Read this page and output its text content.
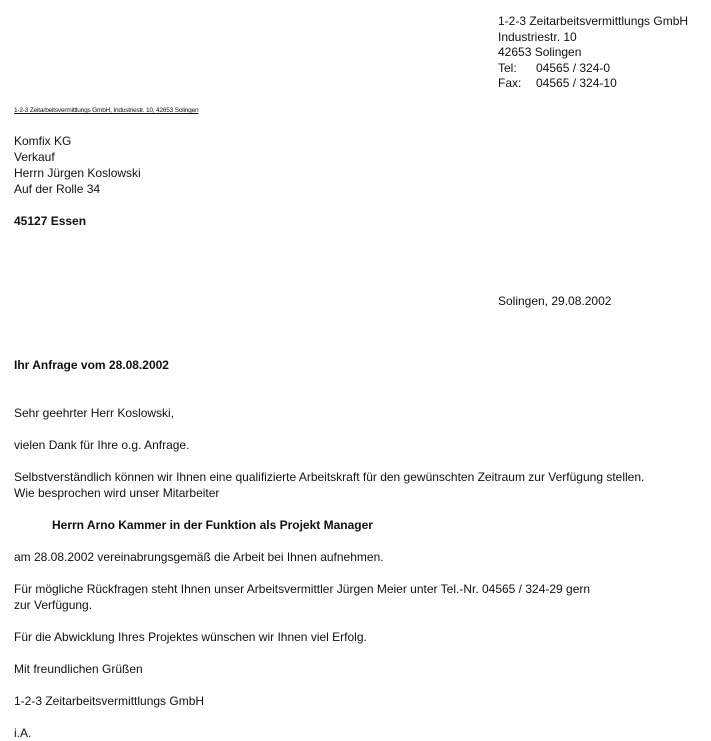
1-2-3 Zeitarbeitsvermittlungs GmbH
Industriestr. 10
42653 Solingen
Tel: 04565 / 324-0
Fax: 04565 / 324-10
1-2-3 Zeitarbeitsvermittlungs GmbH, Industriestr. 10, 42653 Solingen
Komfix KG
Verkauf
Herrn Jürgen Koslowski
Auf der Rolle 34
45127 Essen
Solingen, 29.08.2002
Ihr Anfrage vom 28.08.2002
Sehr geehrter Herr Koslowski,
vielen Dank für Ihre o.g. Anfrage.
Selbstverständlich können wir Ihnen eine qualifizierte Arbeitskraft für den gewünschten Zeitraum zur Verfügung stellen.
Wie besprochen wird unser Mitarbeiter
Herrn Arno Kammer in der Funktion als Projekt Manager
am 28.08.2002 vereinabrungsgemäß die Arbeit bei Ihnen aufnehmen.
Für mögliche Rückfragen steht Ihnen unser Arbeitsvermittler Jürgen Meier unter Tel.-Nr. 04565 / 324-29 gern
zur Verfügung.
Für die Abwicklung Ihres Projektes wünschen wir Ihnen viel Erfolg.
Mit freundlichen Grüßen
1-2-3 Zeitarbeitsvermittlungs GmbH
i.A.
